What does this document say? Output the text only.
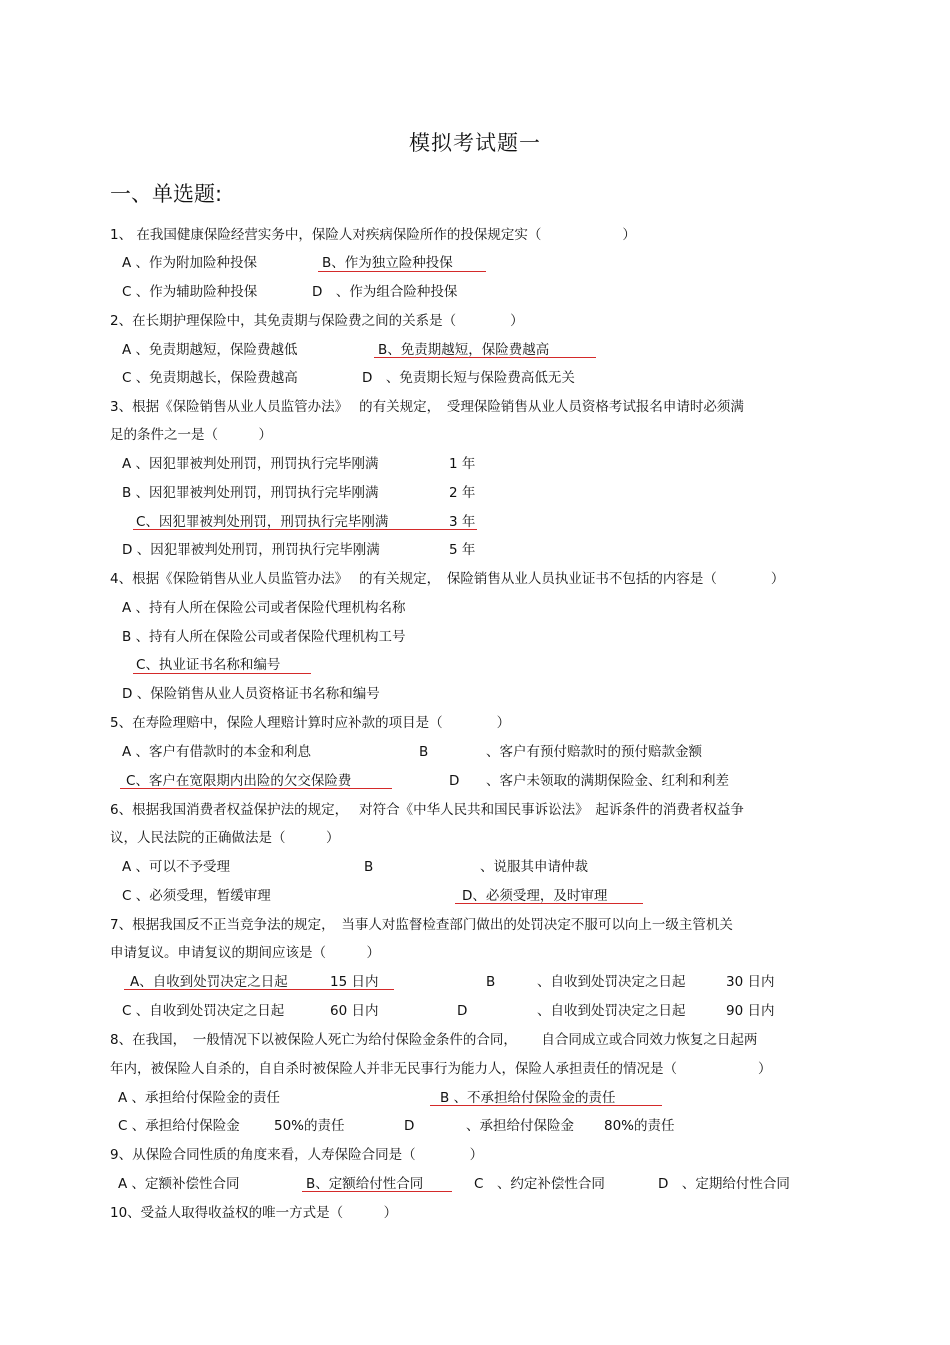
模拟考试题一
一、单选题:
1、 在我国健康保险经营实务中，保险人对疾病保险所作的投保规定实（　　　　　　）
A 、作为附加险种投保	B、作为独立险种投保
C 、作为辅助险种投保	D　 、作为组合险种投保
2、在长期护理保险中，其免责期与保险费之间的关系是（　　　　）
A 、免责期越短，保险费越低	B、免责期越短，保险费越高
C 、免责期越长，保险费越高	D　 、免责期长短与保险费高低无关
3、根据《保险销售从业人员监管办法》　 的有关规定，　受理保险销售从业人员资格考试报名申请时必须满
足的条件之一是（　　　）
A 、因犯罪被判处刑罚，刑罚执行完毕刚满	1 年
B 、因犯罪被判处刑罚，刑罚执行完毕刚满	2 年
C、因犯罪被判处刑罚，刑罚执行完毕刚满	3 年
D 、因犯罪被判处刑罚，刑罚执行完毕刚满	5 年
4、根据《保险销售从业人员监管办法》　 的有关规定，　保险销售从业人员执业证书不包括的内容是（　　　　）
A 、持有人所在保险公司或者保险代理机构名称
B 、持有人所在保险公司或者保险代理机构工号
C、执业证书名称和编号
D 、保险销售从业人员资格证书名称和编号
5、在寿险理赔中，保险人理赔计算时应补款的项目是（　　　　）
A 、客户有借款时的本金和利息	B	、客户有预付赔款时的预付赔款金额
C、客户在宽限期内出险的欠交保险费	D 、客户未领取的满期保险金、红利和利差
6、根据我国消费者权益保护法的规定，　 对符合《中华人民共和国民事诉讼法》　起诉条件的消费者权益争
议，人民法院的正确做法是（　　　）
A 、可以不予受理	B	、说服其申请仲裁
C 、必须受理，暂缓审理	D、必须受理，及时审理
7、根据我国反不正当竞争法的规定，　当事人对监督检查部门做出的处罚决定不服可以向上一级主管机关
申请复议。申请复议的期间应该是（　　　）
A、自收到处罚决定之日起	15 日内	B	、自收到处罚决定之日起	30 日内
C 、自收到处罚决定之日起	60 日内	D	、自收到处罚决定之日起	90 日内
8、在我国，　一般情况下以被保险人死亡为给付保险金条件的合同，　　 自合同成立或合同效力恢复之日起两
年内，被保险人自杀的，自自杀时被保险人并非无民事行为能力人，保险人承担责任的情况是（　　　　　　）
A 、承担给付保险金的责任	B 、不承担给付保险金的责任
C 、承担给付保险金	50%的责任	D	、承担给付保险金 80%的责任
9、从保险合同性质的角度来看，人寿保险合同是（　　　　）
A 、定额补偿性合同	B、定额给付性合同	C　 、约定补偿性合同	D　 、定期给付性合同
10、受益人取得收益权的唯一方式是（　　　）
